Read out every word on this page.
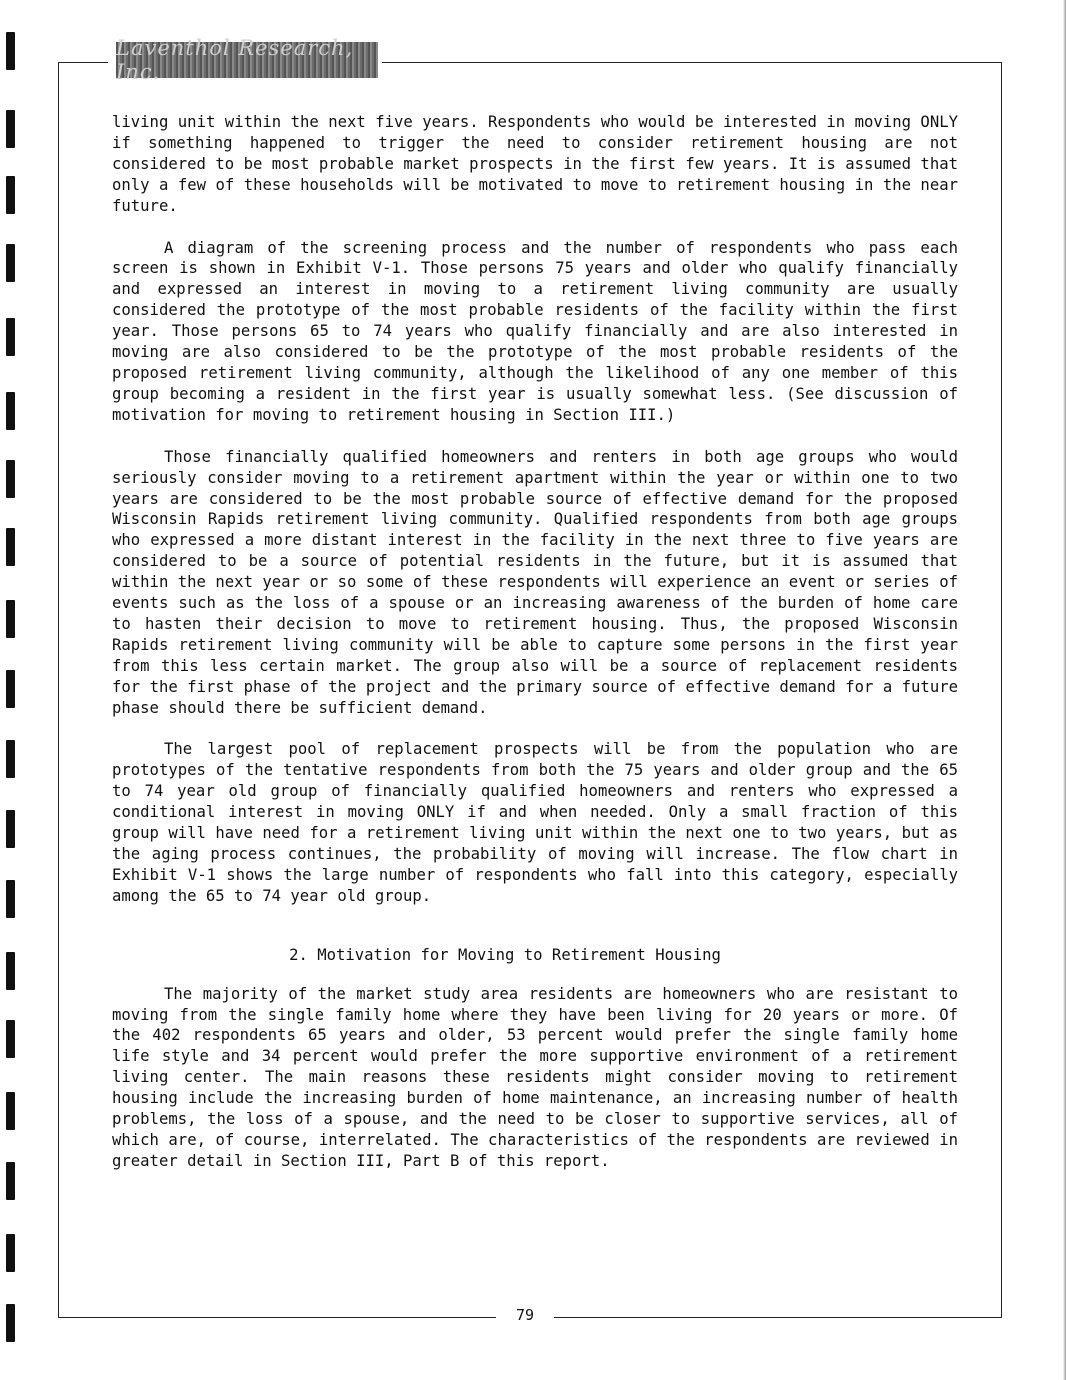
Laventhol Research, Inc.

living unit within the next five years. Respondents who would be interested in moving ONLY if something happened to trigger the need to consider retirement housing are not considered to be most probable market prospects in the first few years. It is assumed that only a few of these households will be motivated to move to retirement housing in the near future.

A diagram of the screening process and the number of respondents who pass each screen is shown in Exhibit V-1. Those persons 75 years and older who qualify financially and expressed an interest in moving to a retirement living community are usually considered the prototype of the most probable residents of the facility within the first year. Those persons 65 to 74 years who qualify financially and are also interested in moving are also considered to be the prototype of the most probable residents of the proposed retirement living community, although the likelihood of any one member of this group becoming a resident in the first year is usually somewhat less. (See discussion of motivation for moving to retirement housing in Section III.)

Those financially qualified homeowners and renters in both age groups who would seriously consider moving to a retirement apartment within the year or within one to two years are considered to be the most probable source of effective demand for the proposed Wisconsin Rapids retirement living community. Qualified respondents from both age groups who expressed a more distant interest in the facility in the next three to five years are considered to be a source of potential residents in the future, but it is assumed that within the next year or so some of these respondents will experience an event or series of events such as the loss of a spouse or an increasing awareness of the burden of home care to hasten their decision to move to retirement housing. Thus, the proposed Wisconsin Rapids retirement living community will be able to capture some persons in the first year from this less certain market. The group also will be a source of replacement residents for the first phase of the project and the primary source of effective demand for a future phase should there be sufficient demand.

The largest pool of replacement prospects will be from the population who are prototypes of the tentative respondents from both the 75 years and older group and the 65 to 74 year old group of financially qualified homeowners and renters who expressed a conditional interest in moving ONLY if and when needed. Only a small fraction of this group will have need for a retirement living unit within the next one to two years, but as the aging process continues, the probability of moving will increase. The flow chart in Exhibit V-1 shows the large number of respondents who fall into this category, especially among the 65 to 74 year old group.

2. Motivation for Moving to Retirement Housing

The majority of the market study area residents are homeowners who are resistant to moving from the single family home where they have been living for 20 years or more. Of the 402 respondents 65 years and older, 53 percent would prefer the single family home life style and 34 percent would prefer the more supportive environment of a retirement living center. The main reasons these residents might consider moving to retirement housing include the increasing burden of home maintenance, an increasing number of health problems, the loss of a spouse, and the need to be closer to supportive services, all of which are, of course, interrelated. The characteristics of the respondents are reviewed in greater detail in Section III, Part B of this report.

79
